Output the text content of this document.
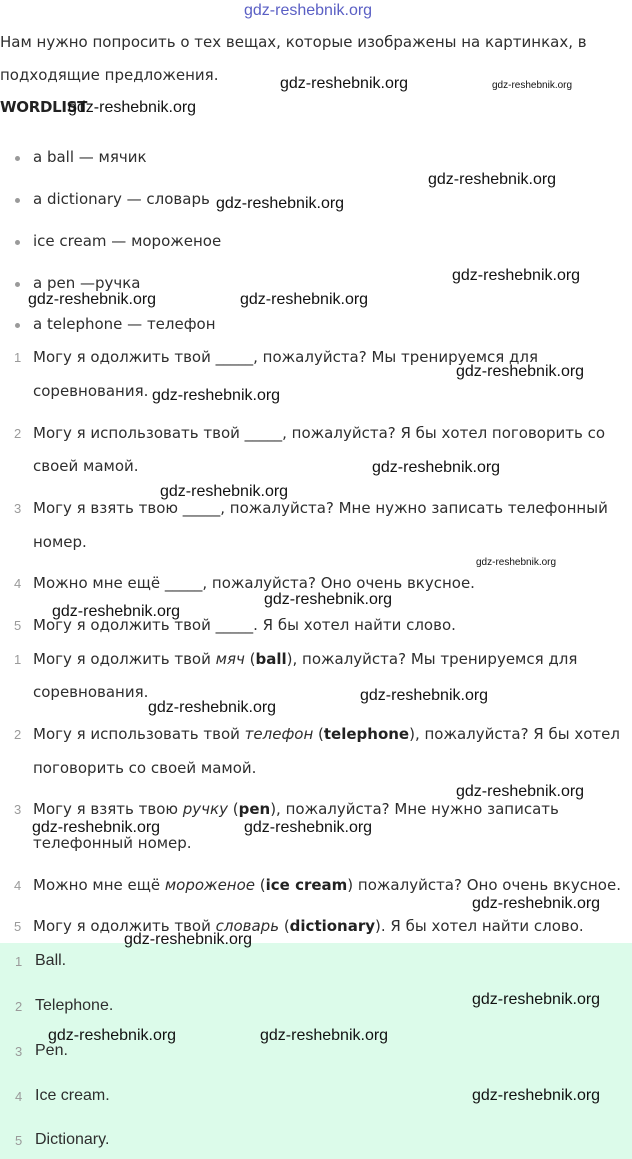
Нам нужно попросить о тех вещах, которые изображены на картинках, в
подходящие предложения.
WORDLIST
a ball — мячик
a dictionary — словарь
ice cream — мороженое
a pen —ручка
a telephone — телефон
1 Могу я одолжить твой _____, пожалуйста? Мы тренируемся для
соревнования.
2 Могу я использовать твой _____, пожалуйста? Я бы хотел поговорить со
своей мамой.
3 Могу я взять твою _____, пожалуйста? Мне нужно записать телефонный
номер.
4 Можно мне ещё _____, пожалуйста? Оно очень вкусное.
5 Могу я одолжить твой _____. Я бы хотел найти слово.
1 Могу я одолжить твой мяч (ball), пожалуйста? Мы тренируемся для
соревнования.
2 Могу я использовать твой телефон (telephone), пожалуйста? Я бы хотел
поговорить со своей мамой.
3 Могу я взять твою ручку (pen), пожалуйста? Мне нужно записать
телефонный номер.
4 Можно мне ещё мороженое (ice cream) пожалуйста? Оно очень вкусное.
5 Могу я одолжить твой словарь (dictionary). Я бы хотел найти слово.
1 Ball.
2 Telephone.
3 Pen.
4 Ice cream.
5 Dictionary.
gdz-reshebnik.org
gdz-reshebnik.org	gdz-reshebnik.org
gdz-reshebnik.org
gdz-reshebnik.org
gdz-reshebnik.org
gdz-reshebnik.org
gdz-reshebnik.org	gdz-reshebnik.org
gdz-reshebnik.org
gdz-reshebnik.org
gdz-reshebnik.org
gdz-reshebnik.org
gdz-reshebnik.org
gdz-reshebnik.org
gdz-reshebnik.org
gdz-reshebnik.org
gdz-reshebnik.org
gdz-reshebnik.org
gdz-reshebnik.org	gdz-reshebnik.org
gdz-reshebnik.org
gdz-reshebnik.org
gdz-reshebnik.org
gdz-reshebnik.org	gdz-reshebnik.org
gdz-reshebnik.org
